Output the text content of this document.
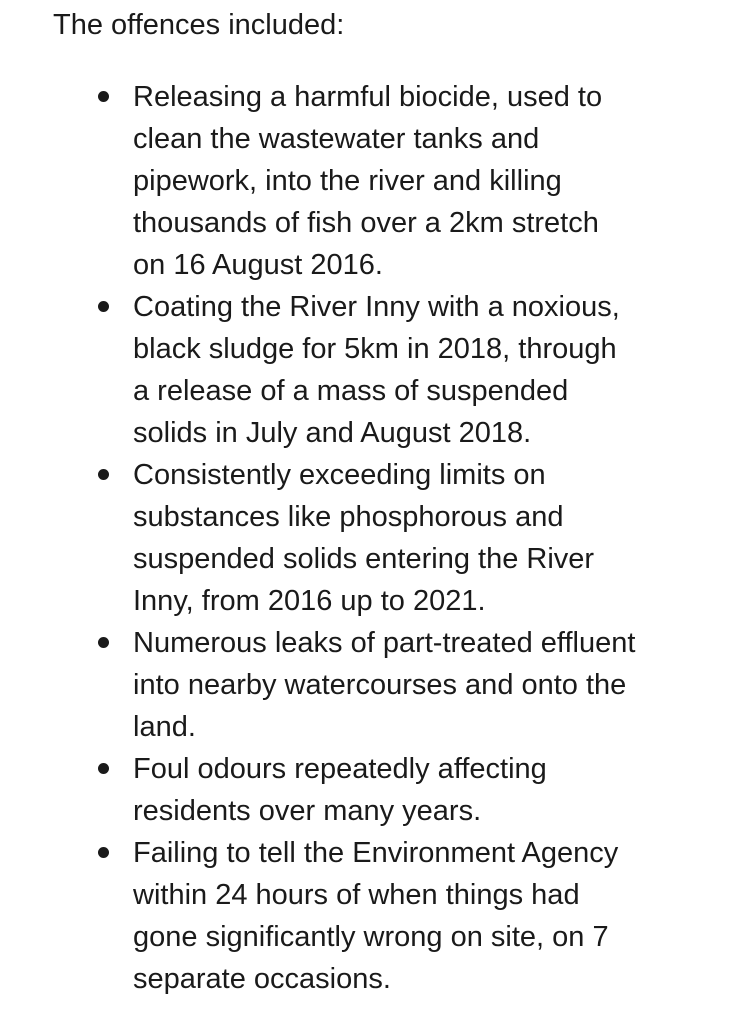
The offences included:

Releasing a harmful biocide, used to
clean the wastewater tanks and
pipework, into the river and killing
thousands of fish over a 2km stretch
on 16 August 2016.
Coating the River Inny with a noxious,
black sludge for 5km in 2018, through
a release of a mass of suspended
solids in July and August 2018.
Consistently exceeding limits on
substances like phosphorous and
suspended solids entering the River
Inny, from 2016 up to 2021.
Numerous leaks of part-treated effluent
into nearby watercourses and onto the
land.
Foul odours repeatedly affecting
residents over many years.
Failing to tell the Environment Agency
within 24 hours of when things had
gone significantly wrong on site, on 7
separate occasions.
